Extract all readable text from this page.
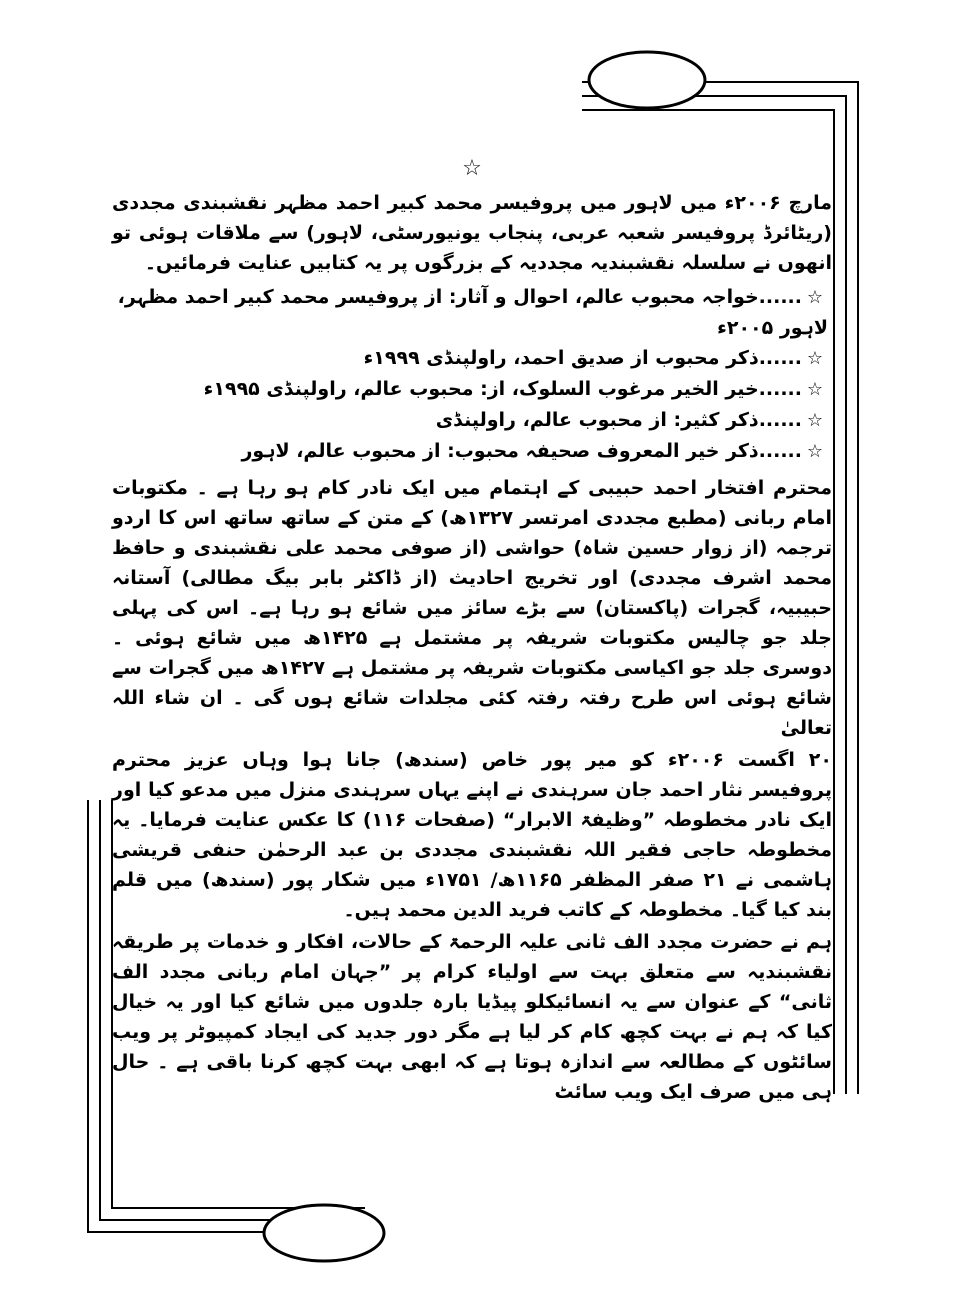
☆

مارچ ۲۰۰۶ء میں لاہور میں پروفیسر محمد کبیر احمد مظہر نقشبندی مجددی (ریٹائرڈ پروفیسر شعبہ عربی، پنجاب یونیورسٹی، لاہور) سے ملاقات ہوئی تو انھوں نے سلسلہ نقشبندیہ مجددیہ کے بزرگوں پر یہ کتابیں عنایت فرمائیں۔

☆......خواجہ محبوب عالم، احوال و آثار: از پروفیسر محمد کبیر احمد مظہر، لاہور ۲۰۰۵ء
☆......ذکر محبوب از صدیق احمد، راولپنڈی ۱۹۹۹ء
☆......خیر الخیر مرغوب السلوک، از: محبوب عالم، راولپنڈی ۱۹۹۵ء
☆......ذکر کثیر: از محبوب عالم، راولپنڈی
☆......ذکر خیر المعروف صحیفہ محبوب: از محبوب عالم، لاہور

محترم افتخار احمد حبیبی کے اہتمام میں ایک نادر کام ہو رہا ہے ۔ مکتوبات امام ربانی (مطبع مجددی امرتسر ۱۳۲۷ھ) کے متن کے ساتھ ساتھ اس کا اردو ترجمہ (از زوار حسین شاہ) حواشی (از صوفی محمد علی نقشبندی و حافظ محمد اشرف مجددی) اور تخریج احادیث (از ڈاکٹر بابر بیگ مطالی) آستانہ حبیبیہ، گجرات (پاکستان) سے بڑے سائز میں شائع ہو رہا ہے۔ اس کی پہلی جلد جو چالیس مکتوبات شریفہ پر مشتمل ہے ۱۴۲۵ھ میں شائع ہوئی ۔ دوسری جلد جو اکیاسی مکتوبات شریفہ پر مشتمل ہے ۱۴۲۷ھ میں گجرات سے شائع ہوئی اس طرح رفتہ رفتہ کئی مجلدات شائع ہوں گی ۔ ان شاء اللہ تعالیٰ

۲۰ اگست ۲۰۰۶ء کو میر پور خاص (سندھ) جانا ہوا وہاں عزیز محترم پروفیسر نثار احمد جان سرہندی نے اپنے یہاں سرہندی منزل میں مدعو کیا اور ایک نادر مخطوطہ ”وظیفۃ الابرار“ (صفحات ۱۱۶) کا عکس عنایت فرمایا۔ یہ مخطوطہ حاجی فقیر اللہ نقشبندی مجددی بن عبد الرحمٰن حنفی قریشی ہاشمی نے ۲۱ صفر المظفر ۱۱۶۵ھ/ ۱۷۵۱ء میں شکار پور (سندھ) میں قلم بند کیا گیا۔ مخطوطہ کے کاتب فرید الدین محمد ہیں۔

ہم نے حضرت مجدد الف ثانی علیہ الرحمۃ کے حالات، افکار و خدمات پر طریقہ نقشبندیہ سے متعلق بہت سے اولیاء کرام پر ”جہان امام ربانی مجدد الف ثانی“ کے عنوان سے یہ انسائیکلو پیڈیا بارہ جلدوں میں شائع کیا اور یہ خیال کیا کہ ہم نے بہت کچھ کام کر لیا ہے مگر دور جدید کی ایجاد کمپیوٹر پر ویب سائٹوں کے مطالعہ سے اندازہ ہوتا ہے کہ ابھی بہت کچھ کرنا باقی ہے ۔ حال ہی میں صرف ایک ویب سائٹ
